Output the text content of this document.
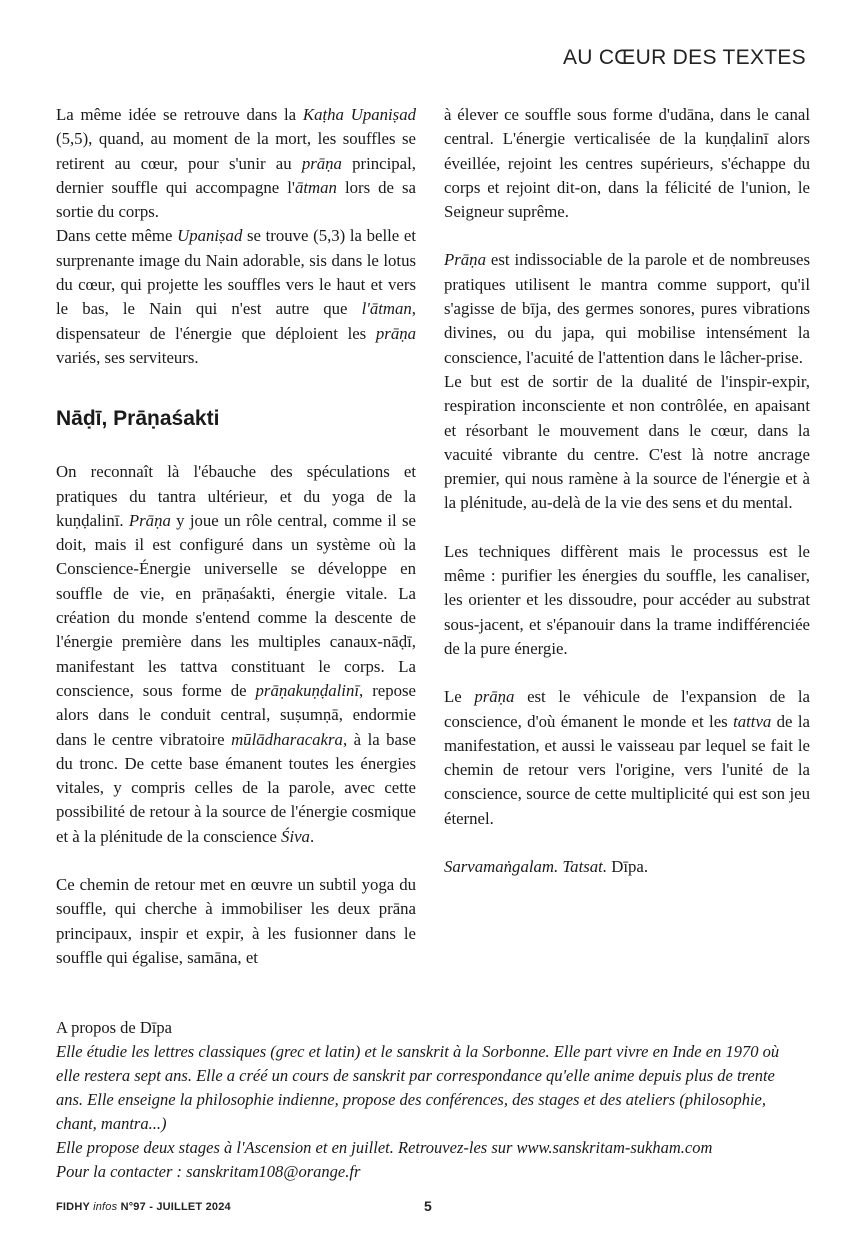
AU CŒUR DES TEXTES

La même idée se retrouve dans la Kaṭha Upaniṣad (5,5), quand, au moment de la mort, les souffles se retirent au cœur, pour s'unir au prāṇa principal, dernier souffle qui accompagne l'ātman lors de sa sortie du corps.

Dans cette même Upaniṣad se trouve (5,3) la belle et surprenante image du Nain adorable, sis dans le lotus du cœur, qui projette les souffles vers le haut et vers le bas, le Nain qui n'est autre que l'ātman, dispensateur de l'énergie que déploient les prāṇa variés, ses serviteurs.

Nāḍī, Prāṇaśakti

On reconnaît là l'ébauche des spéculations et pratiques du tantra ultérieur, et du yoga de la kuṇḍalinī. Prāṇa y joue un rôle central, comme il se doit, mais il est configuré dans un système où la Conscience-Énergie universelle se développe en souffle de vie, en prāṇaśakti, énergie vitale. La création du monde s'entend comme la descente de l'énergie première dans les multiples canaux-nāḍī, manifestant les tattva constituant le corps. La conscience, sous forme de prāṇakuṇḍalinī, repose alors dans le conduit central, suṣumṇā, endormie dans le centre vibratoire mūlādharacakra, à la base du tronc. De cette base émanent toutes les énergies vitales, y compris celles de la parole, avec cette possibilité de retour à la source de l'énergie cosmique et à la plénitude de la conscience Śiva.

Ce chemin de retour met en œuvre un subtil yoga du souffle, qui cherche à immobiliser les deux prāna principaux, inspir et expir, à les fusionner dans le souffle qui égalise, samāna, et

à élever ce souffle sous forme d'udāna, dans le canal central. L'énergie verticalisée de la kuṇḍalinī alors éveillée, rejoint les centres supérieurs, s'échappe du corps et rejoint dit-on, dans la félicité de l'union, le Seigneur suprême.

Prāṇa est indissociable de la parole et de nombreuses pratiques utilisent le mantra comme support, qu'il s'agisse de bīja, des germes sonores, pures vibrations divines, ou du japa, qui mobilise intensément la conscience, l'acuité de l'attention dans le lâcher-prise.

Le but est de sortir de la dualité de l'inspir-expir, respiration inconsciente et non contrôlée, en apaisant et résorbant le mouvement dans le cœur, dans la vacuité vibrante du centre. C'est là notre ancrage premier, qui nous ramène à la source de l'énergie et à la plénitude, au-delà de la vie des sens et du mental.

Les techniques diffèrent mais le processus est le même : purifier les énergies du souffle, les canaliser, les orienter et les dissoudre, pour accéder au substrat sous-jacent, et s'épanouir dans la trame indifférenciée de la pure énergie.

Le prāṇa est le véhicule de l'expansion de la conscience, d'où émanent le monde et les tattva de la manifestation, et aussi le vaisseau par lequel se fait le chemin de retour vers l'origine, vers l'unité de la conscience, source de cette multiplicité qui est son jeu éternel.

Sarvamaṅgalam. Tatsat. Dīpa.

A propos de Dīpa

Elle étudie les lettres classiques (grec et latin) et le sanskrit à la Sorbonne. Elle part vivre en Inde en 1970 où elle restera sept ans. Elle a créé un cours de sanskrit par correspondance qu'elle anime depuis plus de trente ans. Elle enseigne la philosophie indienne, propose des conférences, des stages et des ateliers (philosophie, chant, mantra...)

Elle propose deux stages à l'Ascension et en juillet. Retrouvez-les sur www.sanskritam-sukham.com

Pour la contacter : sanskritam108@orange.fr

FIDHY infos N°97 - JUILLET 2024	5
